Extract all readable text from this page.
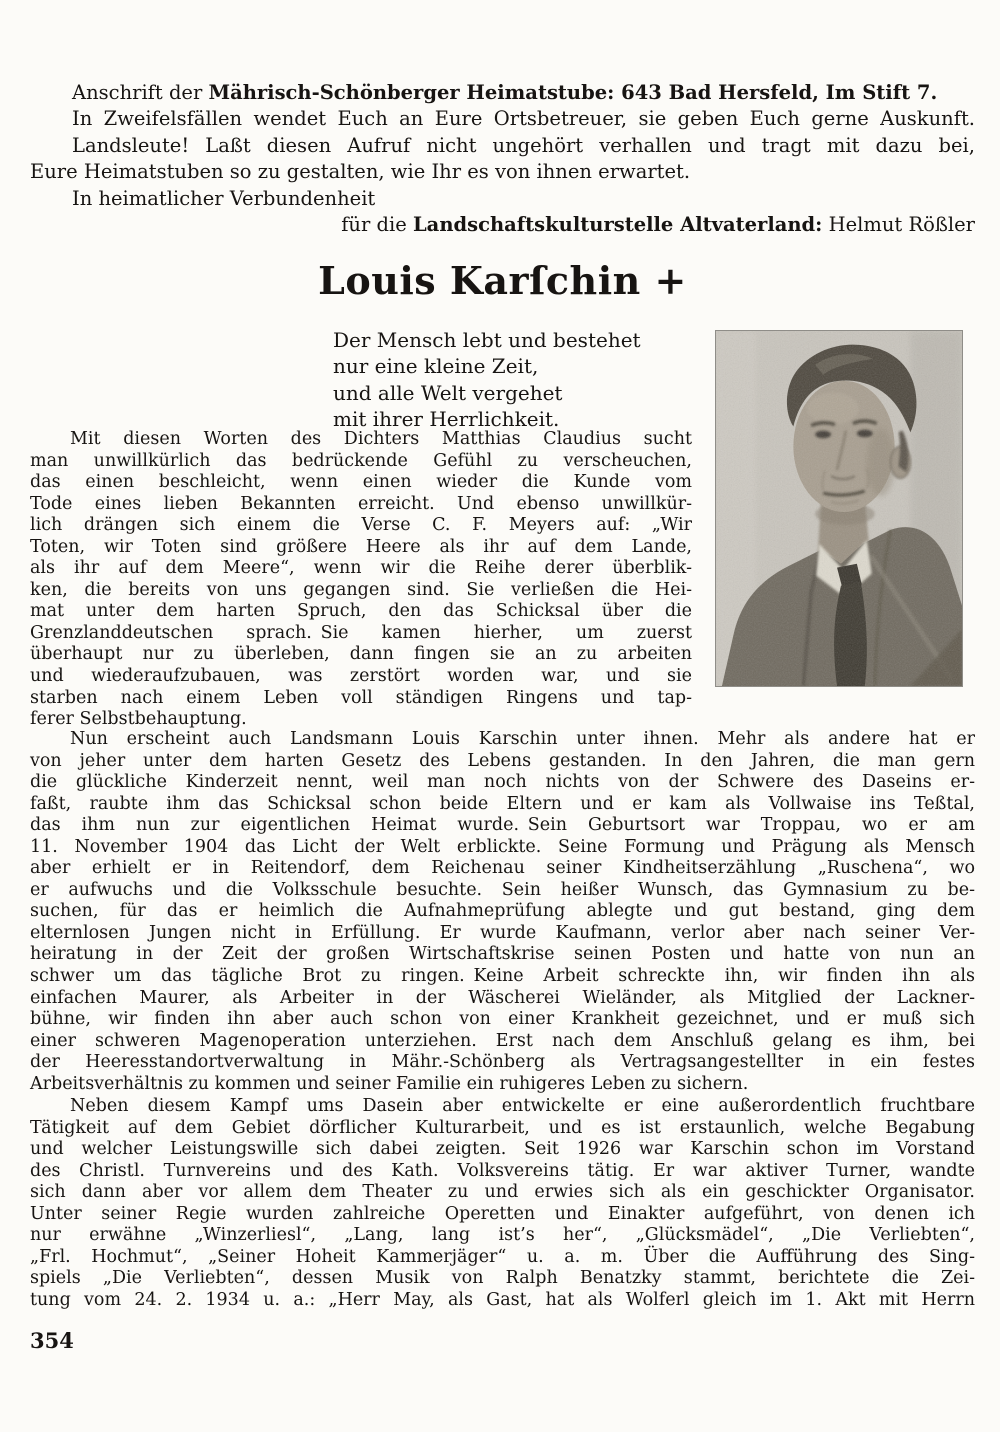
Anschrift der Mährisch-Schönberger Heimatstube: 643 Bad Hersfeld, Im Stift 7.
In Zweifelsfällen wendet Euch an Eure Ortsbetreuer, sie geben Euch gerne Auskunft.
Landsleute! Laßt diesen Aufruf nicht ungehört verhallen und tragt mit dazu bei,
Eure Heimatstuben so zu gestalten, wie Ihr es von ihnen erwartet.
In heimatlicher Verbundenheit
für die Landschaftskulturstelle Altvaterland: Helmut Rößler
Louis Karſchin +
Der Mensch lebt und bestehet
nur eine kleine Zeit,
und alle Welt vergehet
mit ihrer Herrlichkeit.
Mit diesen Worten des Dichters Matthias Claudius sucht
man unwillkürlich das bedrückende Gefühl zu verscheuchen,
das einen beschleicht, wenn einen wieder die Kunde vom
Tode eines lieben Bekannten erreicht. Und ebenso unwillkür-
lich drängen sich einem die Verse C. F. Meyers auf: „Wir
Toten, wir Toten sind größere Heere als ihr auf dem Lande,
als ihr auf dem Meere“, wenn wir die Reihe derer überblik-
ken, die bereits von uns gegangen sind. Sie verließen die Hei-
mat unter dem harten Spruch, den das Schicksal über die
Grenzlanddeutschen sprach. Sie kamen hierher, um zuerst
überhaupt nur zu überleben, dann fingen sie an zu arbeiten
und wiederaufzubauen, was zerstört worden war, und sie
starben nach einem Leben voll ständigen Ringens und tap-
ferer Selbstbehauptung.
Nun erscheint auch Landsmann Louis Karschin unter ihnen. Mehr als andere hat er
von jeher unter dem harten Gesetz des Lebens gestanden. In den Jahren, die man gern
die glückliche Kinderzeit nennt, weil man noch nichts von der Schwere des Daseins er-
faßt, raubte ihm das Schicksal schon beide Eltern und er kam als Vollwaise ins Teßtal,
das ihm nun zur eigentlichen Heimat wurde. Sein Geburtsort war Troppau, wo er am
11. November 1904 das Licht der Welt erblickte. Seine Formung und Prägung als Mensch
aber erhielt er in Reitendorf, dem Reichenau seiner Kindheitserzählung „Ruschena“, wo
er aufwuchs und die Volksschule besuchte. Sein heißer Wunsch, das Gymnasium zu be-
suchen, für das er heimlich die Aufnahmeprüfung ablegte und gut bestand, ging dem
elternlosen Jungen nicht in Erfüllung. Er wurde Kaufmann, verlor aber nach seiner Ver-
heiratung in der Zeit der großen Wirtschaftskrise seinen Posten und hatte von nun an
schwer um das tägliche Brot zu ringen. Keine Arbeit schreckte ihn, wir finden ihn als
einfachen Maurer, als Arbeiter in der Wäscherei Wieländer, als Mitglied der Lackner-
bühne, wir finden ihn aber auch schon von einer Krankheit gezeichnet, und er muß sich
einer schweren Magenoperation unterziehen. Erst nach dem Anschluß gelang es ihm, bei
der Heeresstandortverwaltung in Mähr.-Schönberg als Vertragsangestellter in ein festes
Arbeitsverhältnis zu kommen und seiner Familie ein ruhigeres Leben zu sichern.
Neben diesem Kampf ums Dasein aber entwickelte er eine außerordentlich fruchtbare
Tätigkeit auf dem Gebiet dörflicher Kulturarbeit, und es ist erstaunlich, welche Begabung
und welcher Leistungswille sich dabei zeigten. Seit 1926 war Karschin schon im Vorstand
des Christl. Turnvereins und des Kath. Volksvereins tätig. Er war aktiver Turner, wandte
sich dann aber vor allem dem Theater zu und erwies sich als ein geschickter Organisator.
Unter seiner Regie wurden zahlreiche Operetten und Einakter aufgeführt, von denen ich
nur erwähne „Winzerliesl“, „Lang, lang ist’s her“, „Glücksmädel“, „Die Verliebten“,
„Frl. Hochmut“, „Seiner Hoheit Kammerjäger“ u. a. m. Über die Aufführung des Sing-
spiels „Die Verliebten“, dessen Musik von Ralph Benatzky stammt, berichtete die Zei-
tung vom 24. 2. 1934 u. a.: „Herr May, als Gast, hat als Wolferl gleich im 1. Akt mit Herrn
354
